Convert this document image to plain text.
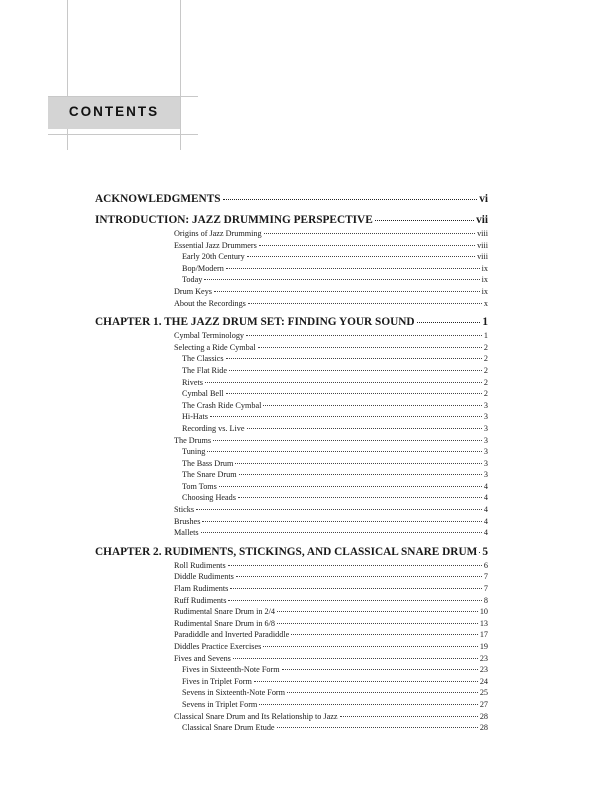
CONTENTS
ACKNOWLEDGMENTS	vi
INTRODUCTION: JAZZ DRUMMING PERSPECTIVE	vii
Origins of Jazz Drumming	viii
Essential Jazz Drummers	viii
Early 20th Century	viii
Bop/Modern	ix
Today	ix
Drum Keys	ix
About the Recordings	x
CHAPTER 1. THE JAZZ DRUM SET: FINDING YOUR SOUND	1
Cymbal Terminology	1
Selecting a Ride Cymbal	2
The Classics	2
The Flat Ride	2
Rivets	2
Cymbal Bell	2
The Crash Ride Cymbal	3
Hi-Hats	3
Recording vs. Live	3
The Drums	3
Tuning	3
The Bass Drum	3
The Snare Drum	3
Tom Toms	4
Choosing Heads	4
Sticks	4
Brushes	4
Mallets	4
CHAPTER 2. RUDIMENTS, STICKINGS, AND CLASSICAL SNARE DRUM 5
Roll Rudiments	6
Diddle Rudiments	7
Flam Rudiments	7
Ruff Rudiments	8
Rudimental Snare Drum in 2/4	10
Rudimental Snare Drum in 6/8	13
Paradiddle and Inverted Paradiddle	17
Diddles Practice Exercises	19
Fives and Sevens	23
Fives in Sixteenth-Note Form	23
Fives in Triplet Form	24
Sevens in Sixteenth-Note Form	25
Sevens in Triplet Form	27
Classical Snare Drum and Its Relationship to Jazz	28
Classical Snare Drum Etude	28
